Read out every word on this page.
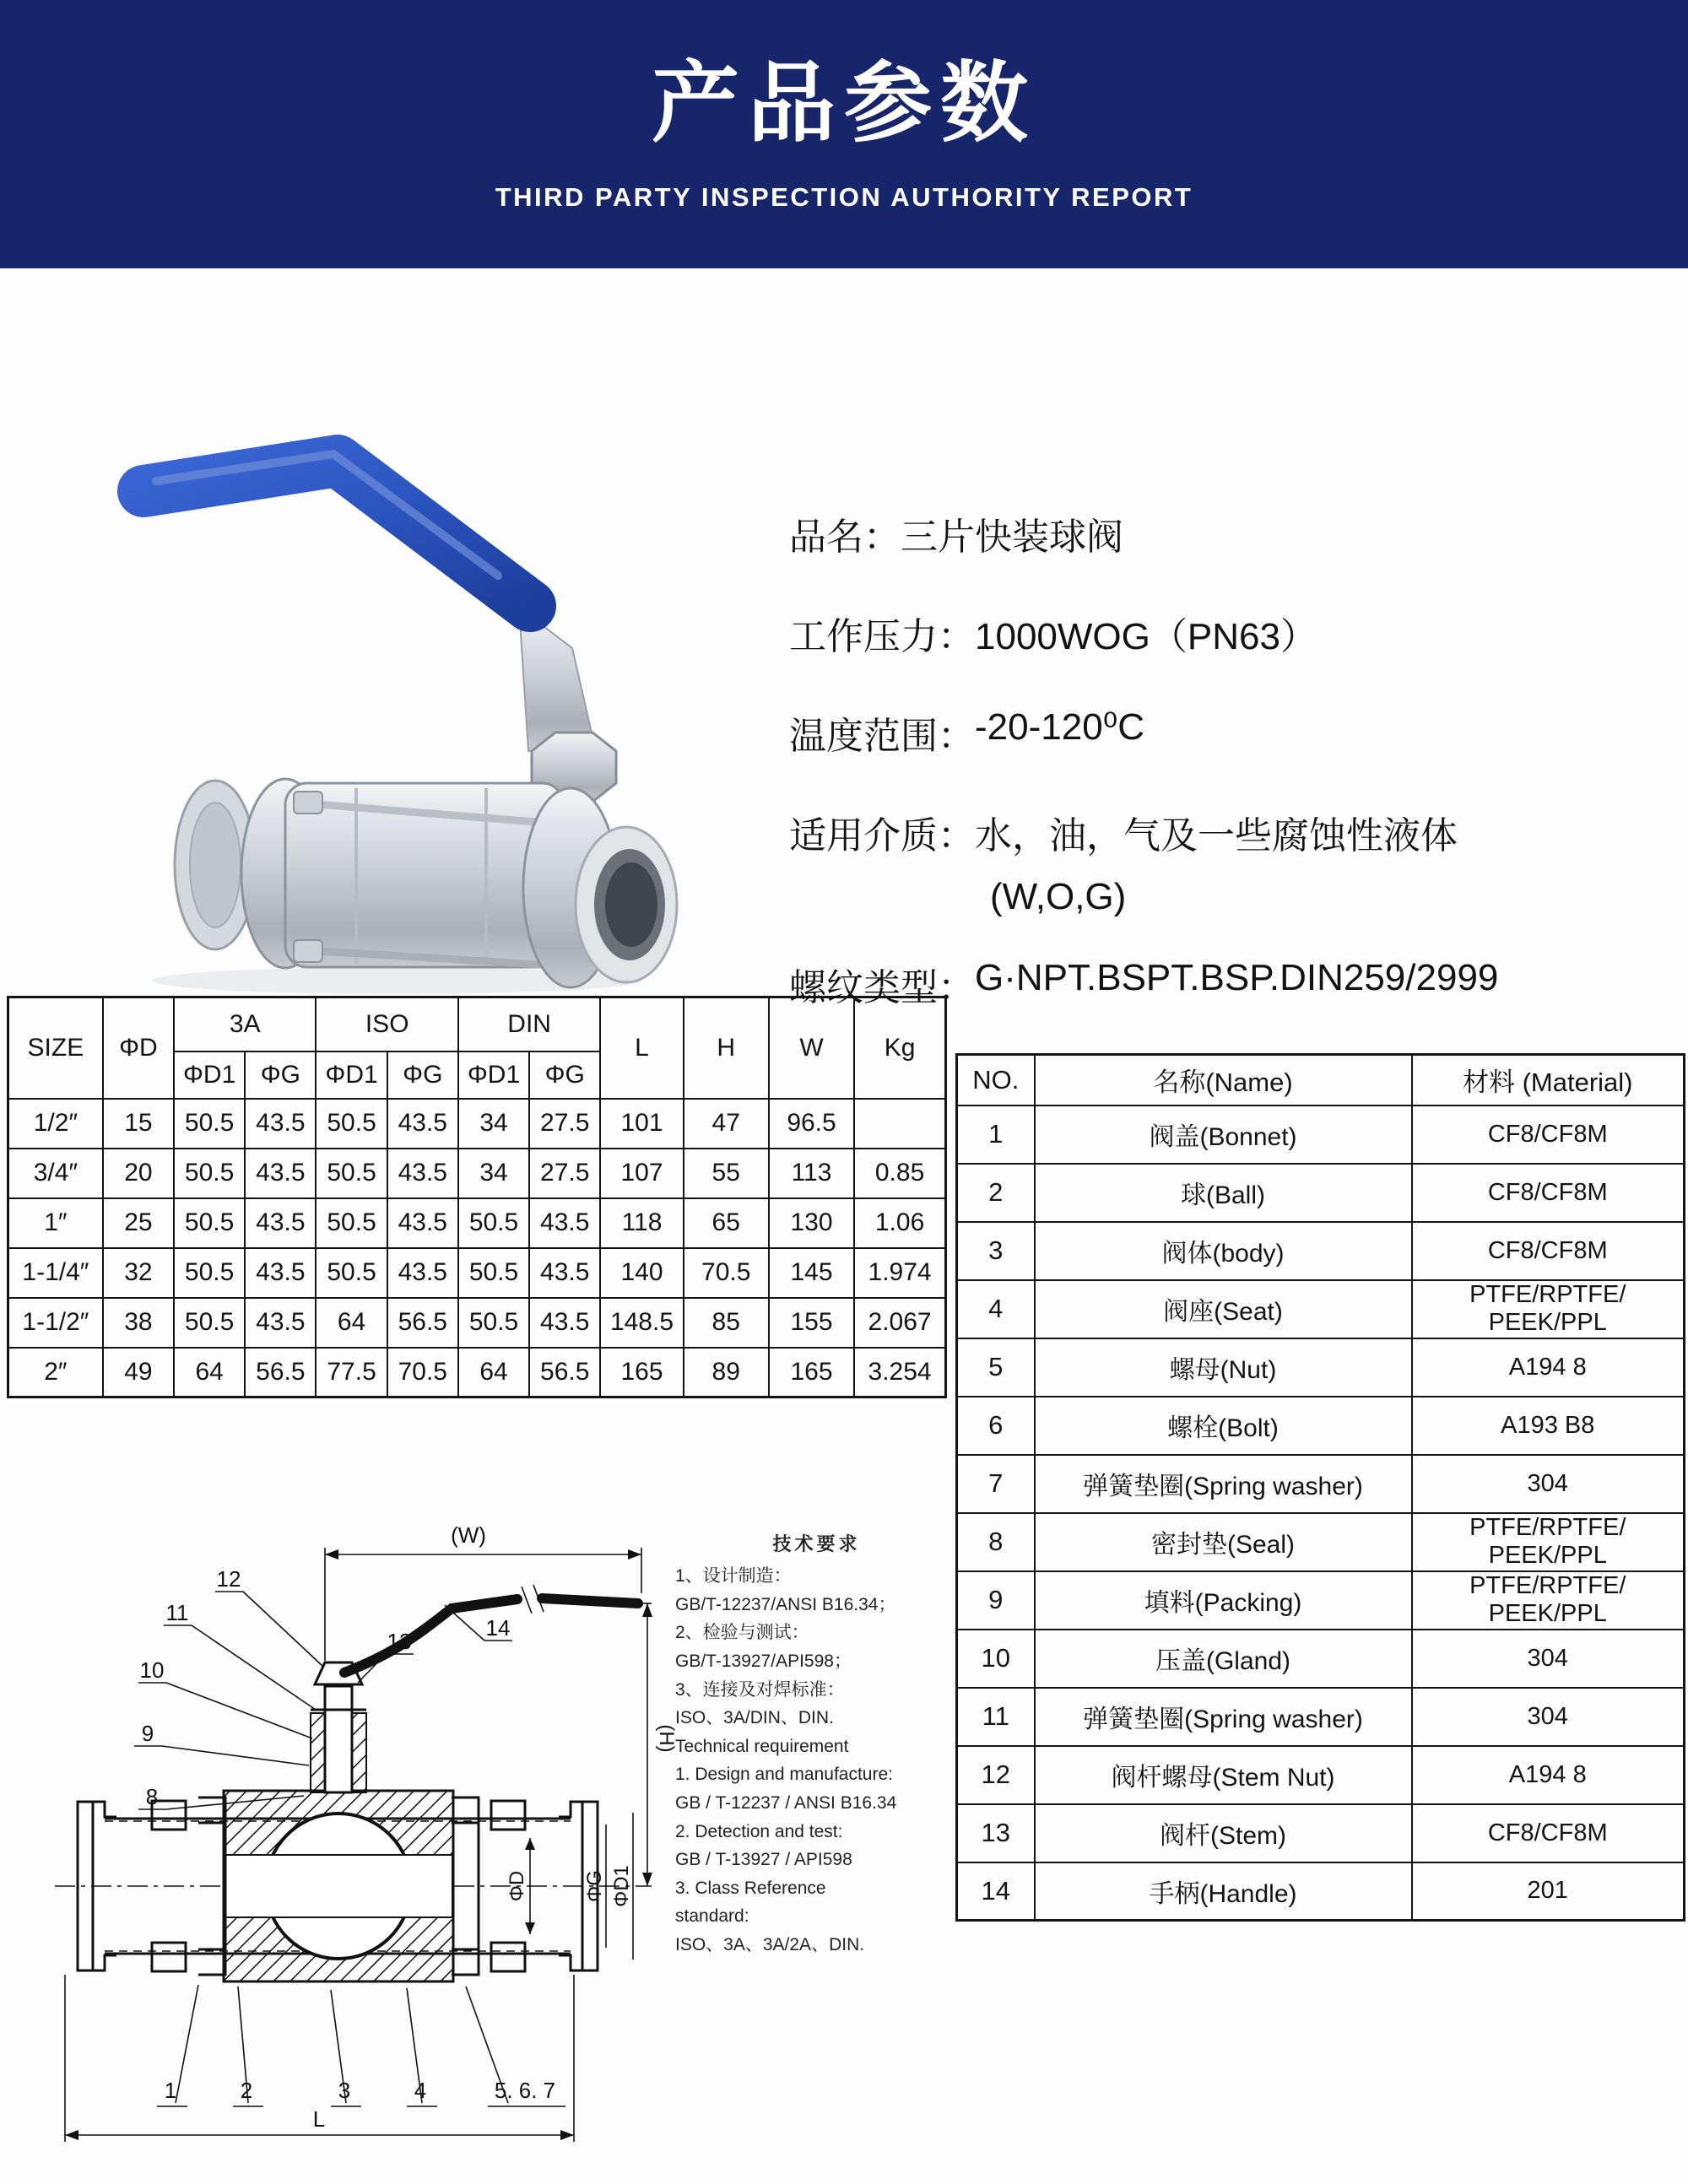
产品参数
THIRD PARTY INSPECTION AUTHORITY REPORT
品名： 三片快装球阀
工作压力： 1000WOG（PN63）
温度范围： -20-120⁰C
适用介质： 水，油，气及一些腐蚀性液体
(W,O,G)
螺纹类型： G·NPT.BSPT.BSP.DIN259/2999
SIZE	ΦD	3A		ISO		DIN		L	H	W	Kg
		ΦD1	ΦG	ΦD1	ΦG	ΦD1	ΦG				
1/2″	15	50.5	43.5	50.5	43.5	34	27.5	101	47	96.5	
3/4″	20	50.5	43.5	50.5	43.5	34	27.5	107	55	113	0.85
1″	25	50.5	43.5	50.5	43.5	50.5	43.5	118	65	130	1.06
1-1/4″	32	50.5	43.5	50.5	43.5	50.5	43.5	140	70.5	145	1.974
1-1/2″	38	50.5	43.5	64	56.5	50.5	43.5	148.5	85	155	2.067
2″	49	64	56.5	77.5	70.5	64	56.5	165	89	165	3.254
NO.	名称(Name)	材料 (Material)
1	阀盖(Bonnet)	CF8/CF8M
2	球(Ball)	CF8/CF8M
3	阀体(body)	CF8/CF8M
4	阀座(Seat)	PTFE/RPTFE/ PEEK/PPL
5	螺母(Nut)	A194 8
6	螺栓(Bolt)	A193 B8
7	弹簧垫圈(Spring washer)	304
8	密封垫(Seal)	PTFE/RPTFE/ PEEK/PPL
9	填料(Packing)	PTFE/RPTFE/ PEEK/PPL
10	压盖(Gland)	304
11	弹簧垫圈(Spring washer)	304
12	阀杆螺母(Stem Nut)	A194 8
13	阀杆(Stem)	CF8/CF8M
14	手柄(Handle)	201
(W)
(H)
ΦD	ΦG ΦD1
L
12
11
10
9
8
13
14
1	2	3	4	5. 6. 7
技术要求
1、设计制造：
GB/T-12237/ANSI B16.34；
2、检验与测试：
GB/T-13927/API598；
3、连接及对焊标准：
ISO、3A/DIN、DIN.
Technical requirement
1. Design and manufacture:
GB / T-12237 / ANSI B16.34
2. Detection and test:
GB / T-13927 / API598
3. Class Reference
standard:
ISO、3A、3A/2A、DIN.
